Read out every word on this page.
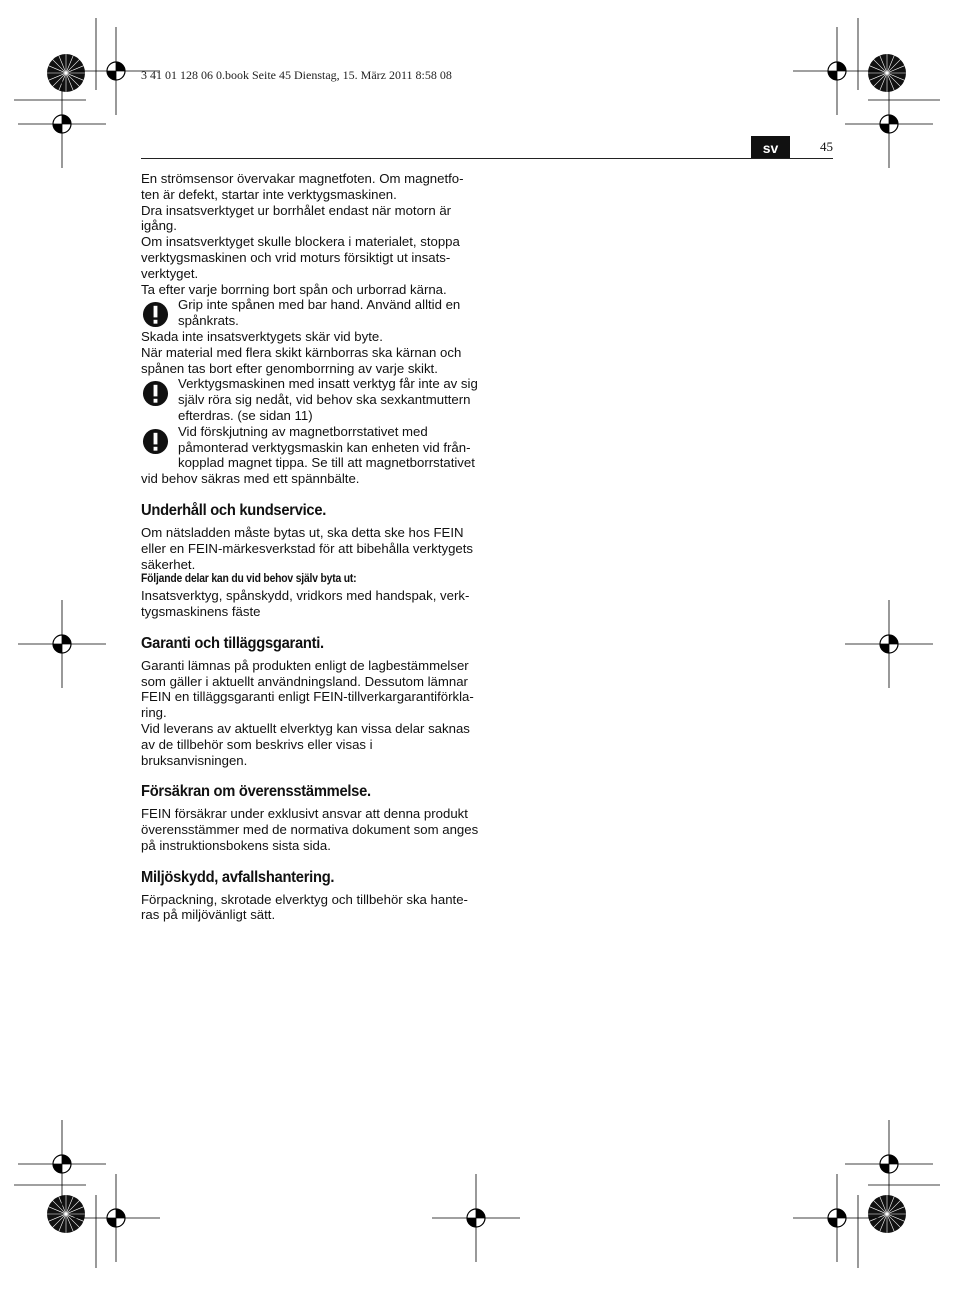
3 41 01 128 06 0.book Seite 45 Dienstag, 15. März 2011 8:58 08
sv	45

En strömsensor övervakar magnetfoten. Om magnetfo-ten är defekt, startar inte verktygsmaskinen.

Dra insatsverktyget ur borrhålet endast när motorn är igång.

Om insatsverktyget skulle blockera i materialet, stoppa verktygsmaskinen och vrid moturs försiktigt ut insats-verktyget.

Ta efter varje borrning bort spån och urborrad kärna.

Grip inte spånen med bar hand. Använd alltid en spånkrats.

Skada inte insatsverktygets skär vid byte.

När material med flera skikt kärnborras ska kärnan och spånen tas bort efter genomborrning av varje skikt.

Verktygsmaskinen med insatt verktyg får inte av sig själv röra sig nedåt, vid behov ska sexkantmuttern efterdras. (se sidan 11)

Vid förskjutning av magnetborrstativet med påmonterad verktygsmaskin kan enheten vid från-kopplad magnet tippa. Se till att magnetborrstativet

vid behov säkras med ett spännbälte.

Underhåll och kundservice.

Om nätsladden måste bytas ut, ska detta ske hos FEIN eller en FEIN-märkesverkstad för att bibehålla verktygets säkerhet.

Följande delar kan du vid behov själv byta ut:

Insatsverktyg, spånskydd, vridkors med handspak, verk-tygsmaskinens fäste

Garanti och tilläggsgaranti.

Garanti lämnas på produkten enligt de lagbestämmelser som gäller i aktuellt användningsland. Dessutom lämnar FEIN en tilläggsgaranti enligt FEIN-tillverkargarantiförkla-ring.

Vid leverans av aktuellt elverktyg kan vissa delar saknas av de tillbehör som beskrivs eller visas i bruksanvisningen.

Försäkran om överensstämmelse.

FEIN försäkrar under exklusivt ansvar att denna produkt överensstämmer med de normativa dokument som anges på instruktionsbokens sista sida.

Miljöskydd, avfallshantering.

Förpackning, skrotade elverktyg och tillbehör ska hante-ras på miljövänligt sätt.
